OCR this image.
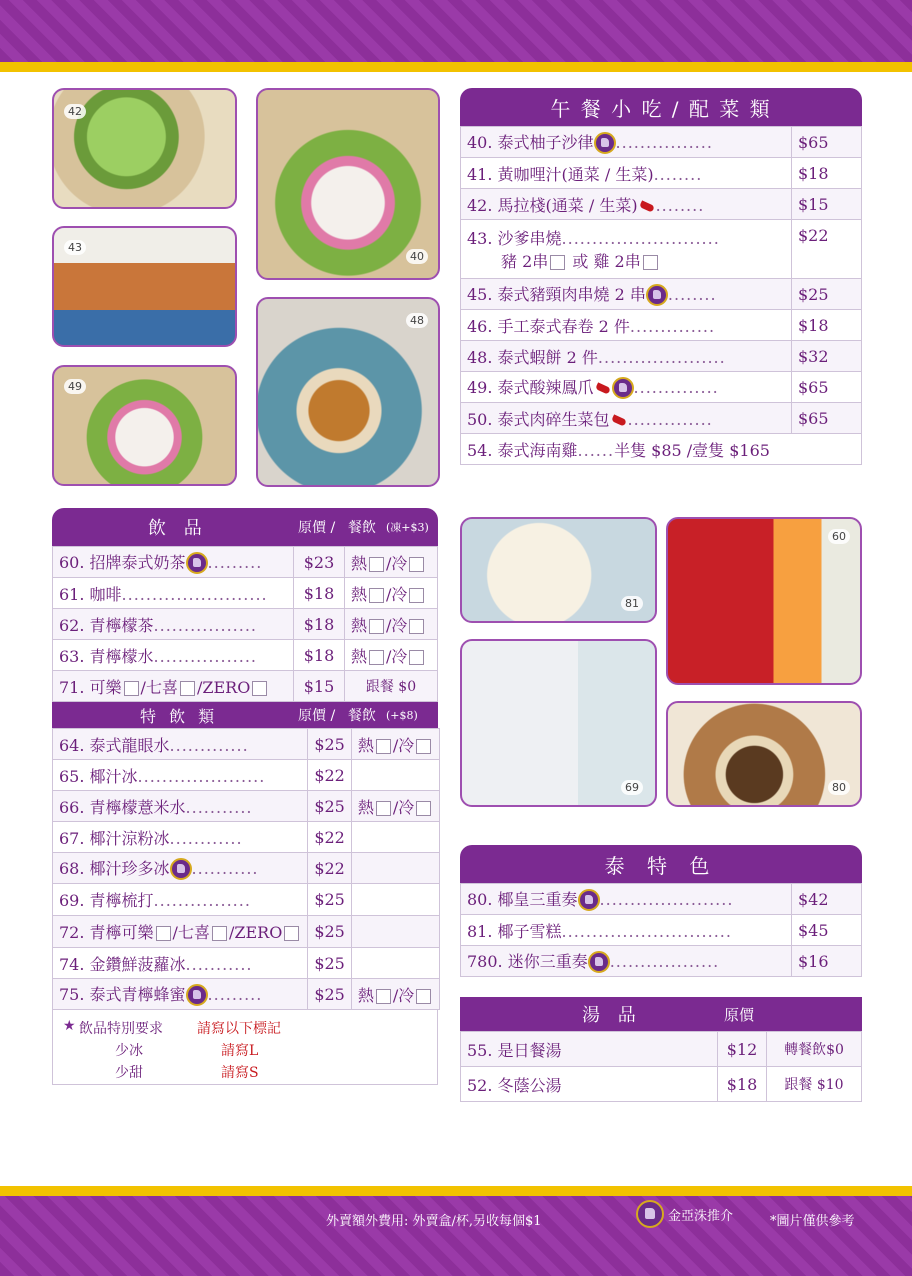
42
43
49
40
48
午 餐 小 吃 / 配 菜 類
40. 泰式柚子沙律 ................	$65
41. 黃咖哩汁(通菜 / 生菜)........	$18
42. 馬拉棧(通菜 / 生菜) ........	$15
43. 沙爹串燒..........................
豬 2串 或 雞 2串	$22
45. 泰式豬頸肉串燒 2 串 ........	$25
46. 手工泰式春卷 2 件..............	$18
48. 泰式蝦餅 2 件.....................	$32
49. 泰式酸辣鳳爪 ..............	$65
50. 泰式肉碎生菜包 ..............	$65
54. 泰式海南雞......半隻 $85 /壹隻 $165	
飲 品	原價 / 餐飲 (凍+$3)
60. 招牌泰式奶茶 .........	$23	熱 /冷
61. 咖啡........................	$18	熱 /冷
62. 青檸檬茶.................	$18	熱 /冷
63. 青檸檬水.................	$18	熱 /冷
71. 可樂 /七喜 /ZERO	$15	跟餐 $0
特 飲 類	原價 / 餐飲 (+$8)
64. 泰式龍眼水.............	$25	熱 /冷
65. 椰汁冰.....................	$22	
66. 青檸檬薏米水...........	$25	熱 /冷
67. 椰汁涼粉冰............	$22	
68. 椰汁珍多冰 ...........	$22	
69. 青檸梳打................	$25	
72. 青檸可樂 /七喜 /ZERO	$25	
74. 金鑽鮮菠蘿冰...........	$25	
75. 泰式青檸蜂蜜 .........	$25	熱 /冷
★ 飲品特別要求 請寫以下標記
少冰	請寫L
少甜	請寫S
81
60
69	80
泰 特 色
80. 椰皇三重奏 ......................	$42
81. 椰子雪糕............................	$45
780. 迷你三重奏 ..................	$16
湯 品	原價
55. 是日餐湯	$12	轉餐飲$0
52. 冬蔭公湯	$18	跟餐 $10
外賣額外費用: 外賣盒/杯,另收每個$1	金亞洙推介	*圖片僅供參考
